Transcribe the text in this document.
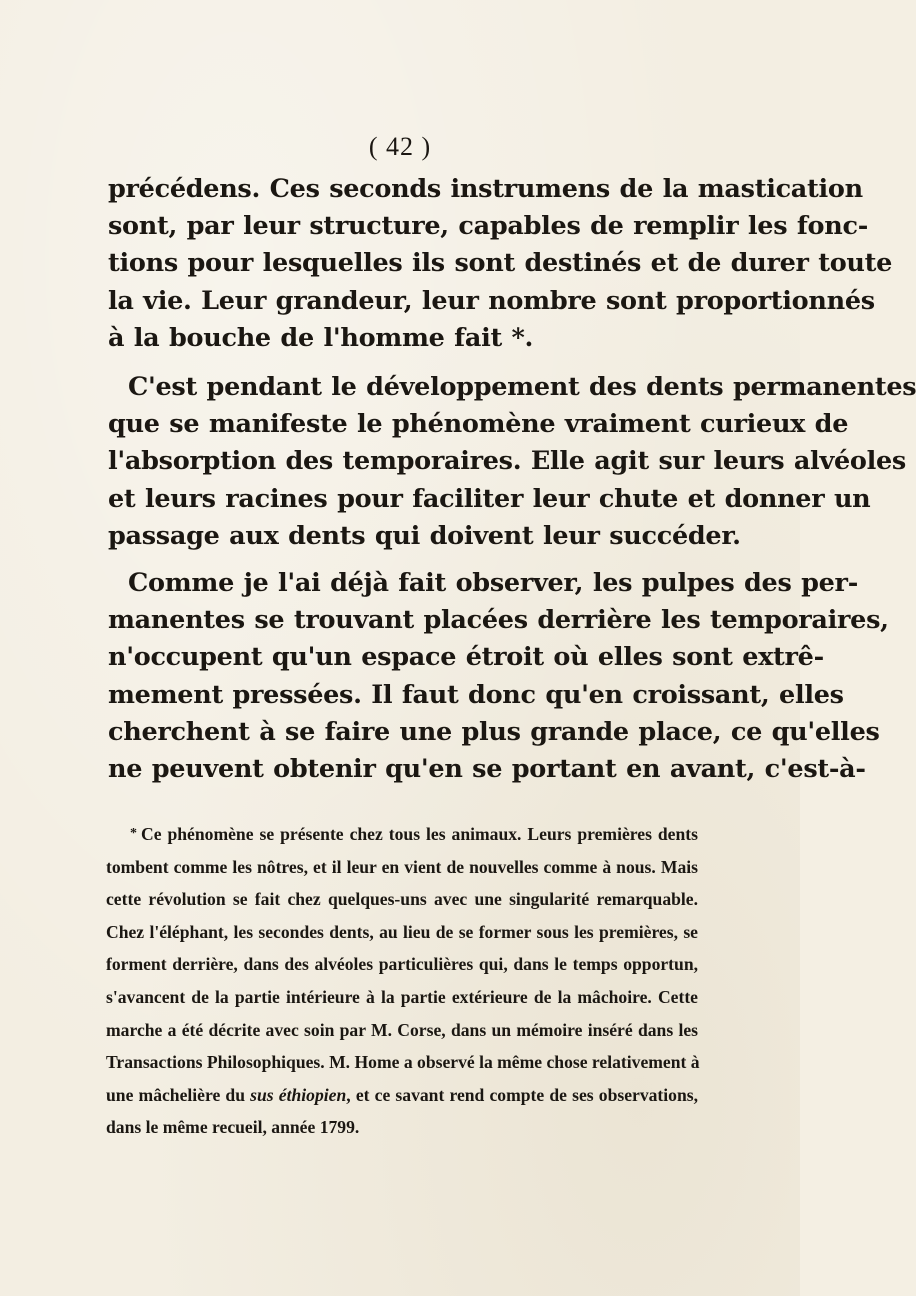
( 42 )
précédens. Ces seconds instrumens de la mastication
sont, par leur structure, capables de remplir les fonc-
tions pour lesquelles ils sont destinés et de durer toute
la vie. Leur grandeur, leur nombre sont proportionnés
à la bouche de l'homme fait *.
C'est pendant le développement des dents permanentes
que se manifeste le phénomène vraiment curieux de
l'absorption des temporaires. Elle agit sur leurs alvéoles
et leurs racines pour faciliter leur chute et donner un
passage aux dents qui doivent leur succéder.
Comme je l'ai déjà fait observer, les pulpes des per-
manentes se trouvant placées derrière les temporaires,
n'occupent qu'un espace étroit où elles sont extrê-
mement pressées. Il faut donc qu'en croissant, elles
cherchent à se faire une plus grande place, ce qu'elles
ne peuvent obtenir qu'en se portant en avant, c'est-à-
* Ce phénomène se présente chez tous les animaux. Leurs premières dents
tombent comme les nôtres, et il leur en vient de nouvelles comme à nous. Mais
cette révolution se fait chez quelques-uns avec une singularité remarquable.
Chez l'éléphant, les secondes dents, au lieu de se former sous les premières, se
forment derrière, dans des alvéoles particulières qui, dans le temps opportun,
s'avancent de la partie intérieure à la partie extérieure de la mâchoire. Cette
marche a été décrite avec soin par M. Corse, dans un mémoire inséré dans les
Transactions Philosophiques. M. Home a observé la même chose relativement à
une mâchelière du sus éthiopien, et ce savant rend compte de ses observations,
dans le même recueil, année 1799.
